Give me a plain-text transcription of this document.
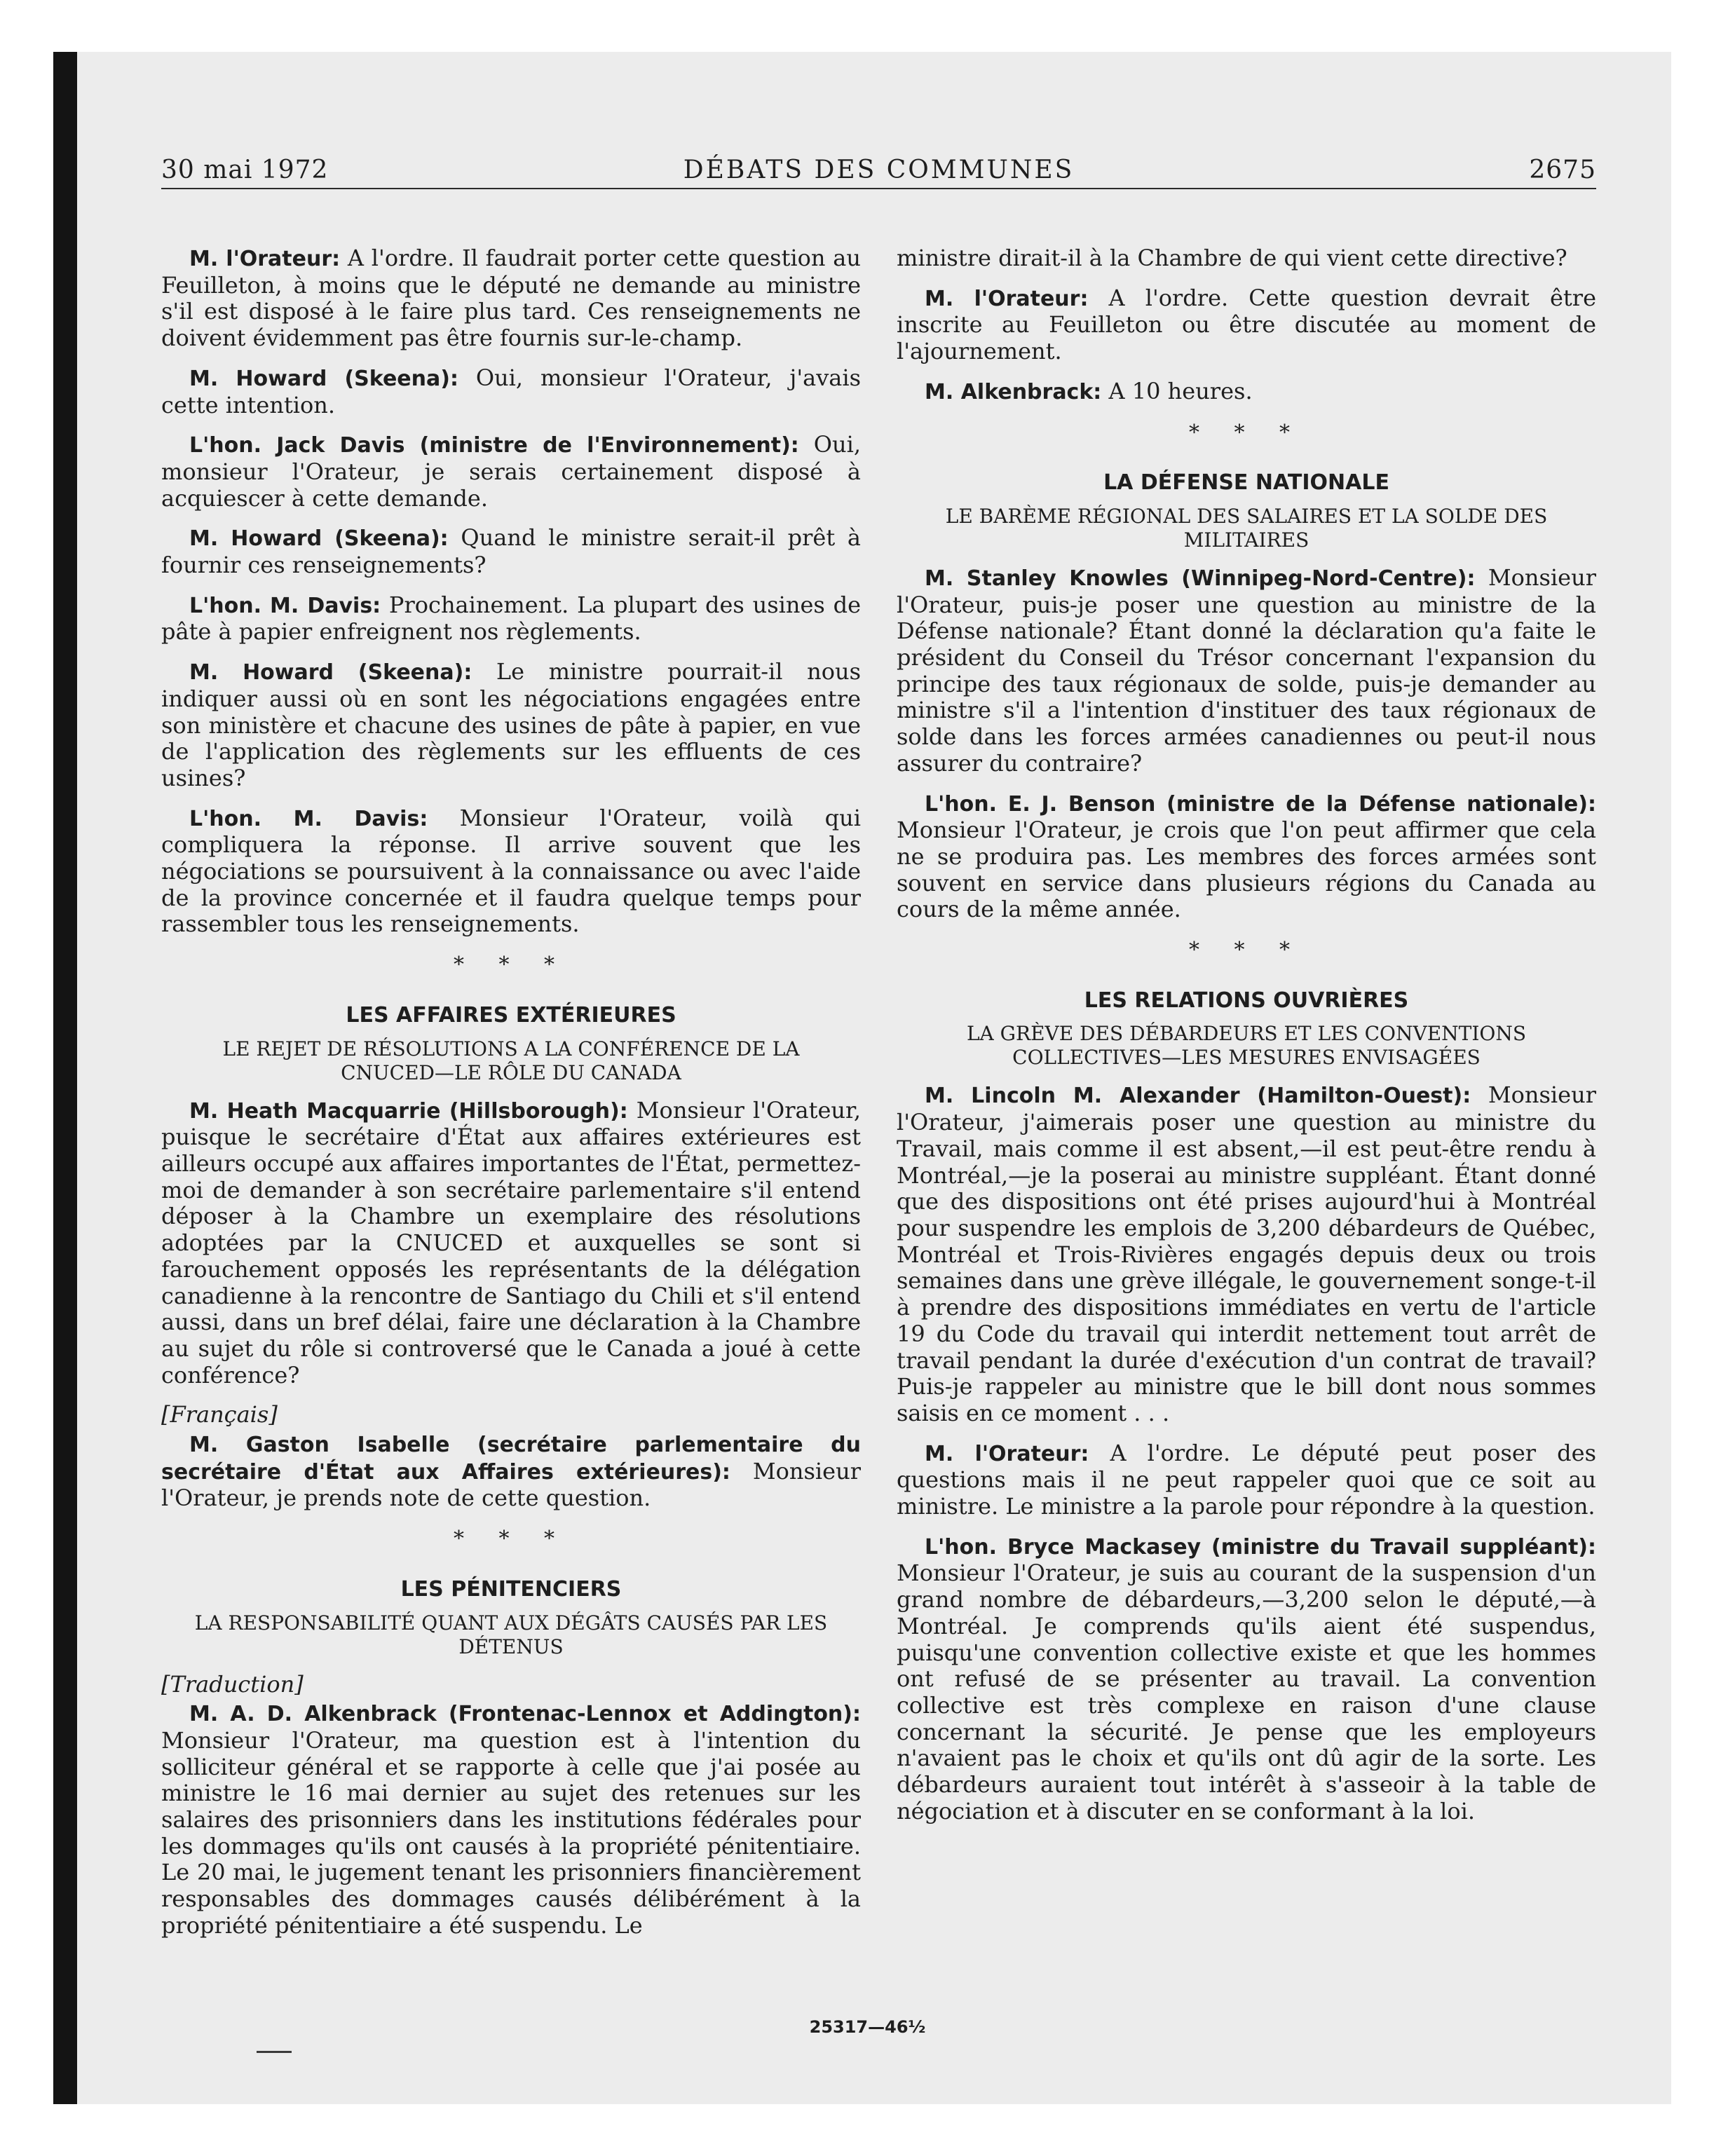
30 mai 1972	DÉBATS DES COMMUNES	2675

M. l'Orateur: A l'ordre. Il faudrait porter cette question au Feuilleton, à moins que le député ne demande au ministre s'il est disposé à le faire plus tard. Ces renseignements ne doivent évidemment pas être fournis sur-le-champ.

M. Howard (Skeena): Oui, monsieur l'Orateur, j'avais cette intention.

L'hon. Jack Davis (ministre de l'Environnement): Oui, monsieur l'Orateur, je serais certainement disposé à acquiescer à cette demande.

M. Howard (Skeena): Quand le ministre serait-il prêt à fournir ces renseignements?

L'hon. M. Davis: Prochainement. La plupart des usines de pâte à papier enfreignent nos règlements.

M. Howard (Skeena): Le ministre pourrait-il nous indiquer aussi où en sont les négociations engagées entre son ministère et chacune des usines de pâte à papier, en vue de l'application des règlements sur les effluents de ces usines?

L'hon. M. Davis: Monsieur l'Orateur, voilà qui compliquera la réponse. Il arrive souvent que les négociations se poursuivent à la connaissance ou avec l'aide de la province concernée et il faudra quelque temps pour rassembler tous les renseignements.

* * *
LES AFFAIRES EXTÉRIEURES
LE REJET DE RÉSOLUTIONS A LA CONFÉRENCE DE LA CNUCED—LE RÔLE DU CANADA

M. Heath Macquarrie (Hillsborough): Monsieur l'Orateur, puisque le secrétaire d'État aux affaires extérieures est ailleurs occupé aux affaires importantes de l'État, permettez-moi de demander à son secrétaire parlementaire s'il entend déposer à la Chambre un exemplaire des résolutions adoptées par la CNUCED et auxquelles se sont si farouchement opposés les représentants de la délégation canadienne à la rencontre de Santiago du Chili et s'il entend aussi, dans un bref délai, faire une déclaration à la Chambre au sujet du rôle si controversé que le Canada a joué à cette conférence?

[Français]

M. Gaston Isabelle (secrétaire parlementaire du secrétaire d'État aux Affaires extérieures): Monsieur l'Orateur, je prends note de cette question.

* * *
LES PÉNITENCIERS
LA RESPONSABILITÉ QUANT AUX DÉGÂTS CAUSÉS PAR LES DÉTENUS
[Traduction]

M. A. D. Alkenbrack (Frontenac-Lennox et Addington): Monsieur l'Orateur, ma question est à l'intention du solliciteur général et se rapporte à celle que j'ai posée au ministre le 16 mai dernier au sujet des retenues sur les salaires des prisonniers dans les institutions fédérales pour les dommages qu'ils ont causés à la propriété pénitentiaire. Le 20 mai, le jugement tenant les prisonniers financièrement responsables des dommages causés délibérément à la propriété pénitentiaire a été suspendu. Le

ministre dirait-il à la Chambre de qui vient cette directive?

M. l'Orateur: A l'ordre. Cette question devrait être inscrite au Feuilleton ou être discutée au moment de l'ajournement.

M. Alkenbrack: A 10 heures.

* * *
LA DÉFENSE NATIONALE
LE BARÈME RÉGIONAL DES SALAIRES ET LA SOLDE DES MILITAIRES

M. Stanley Knowles (Winnipeg-Nord-Centre): Monsieur l'Orateur, puis-je poser une question au ministre de la Défense nationale? Étant donné la déclaration qu'a faite le président du Conseil du Trésor concernant l'expansion du principe des taux régionaux de solde, puis-je demander au ministre s'il a l'intention d'instituer des taux régionaux de solde dans les forces armées canadiennes ou peut-il nous assurer du contraire?

L'hon. E. J. Benson (ministre de la Défense nationale): Monsieur l'Orateur, je crois que l'on peut affirmer que cela ne se produira pas. Les membres des forces armées sont souvent en service dans plusieurs régions du Canada au cours de la même année.

* * *
LES RELATIONS OUVRIÈRES
LA GRÈVE DES DÉBARDEURS ET LES CONVENTIONS COLLECTIVES—LES MESURES ENVISAGÉES

M. Lincoln M. Alexander (Hamilton-Ouest): Monsieur l'Orateur, j'aimerais poser une question au ministre du Travail, mais comme il est absent,—il est peut-être rendu à Montréal,—je la poserai au ministre suppléant. Étant donné que des dispositions ont été prises aujourd'hui à Montréal pour suspendre les emplois de 3,200 débardeurs de Québec, Montréal et Trois-Rivières engagés depuis deux ou trois semaines dans une grève illégale, le gouvernement songe-t-il à prendre des dispositions immédiates en vertu de l'article 19 du Code du travail qui interdit nettement tout arrêt de travail pendant la durée d'exécution d'un contrat de travail? Puis-je rappeler au ministre que le bill dont nous sommes saisis en ce moment . . .

M. l'Orateur: A l'ordre. Le député peut poser des questions mais il ne peut rappeler quoi que ce soit au ministre. Le ministre a la parole pour répondre à la question.

L'hon. Bryce Mackasey (ministre du Travail suppléant): Monsieur l'Orateur, je suis au courant de la suspension d'un grand nombre de débardeurs,—3,200 selon le député,—à Montréal. Je comprends qu'ils aient été suspendus, puisqu'une convention collective existe et que les hommes ont refusé de se présenter au travail. La convention collective est très complexe en raison d'une clause concernant la sécurité. Je pense que les employeurs n'avaient pas le choix et qu'ils ont dû agir de la sorte. Les débardeurs auraient tout intérêt à s'asseoir à la table de négociation et à discuter en se conformant à la loi.

25317—46½
